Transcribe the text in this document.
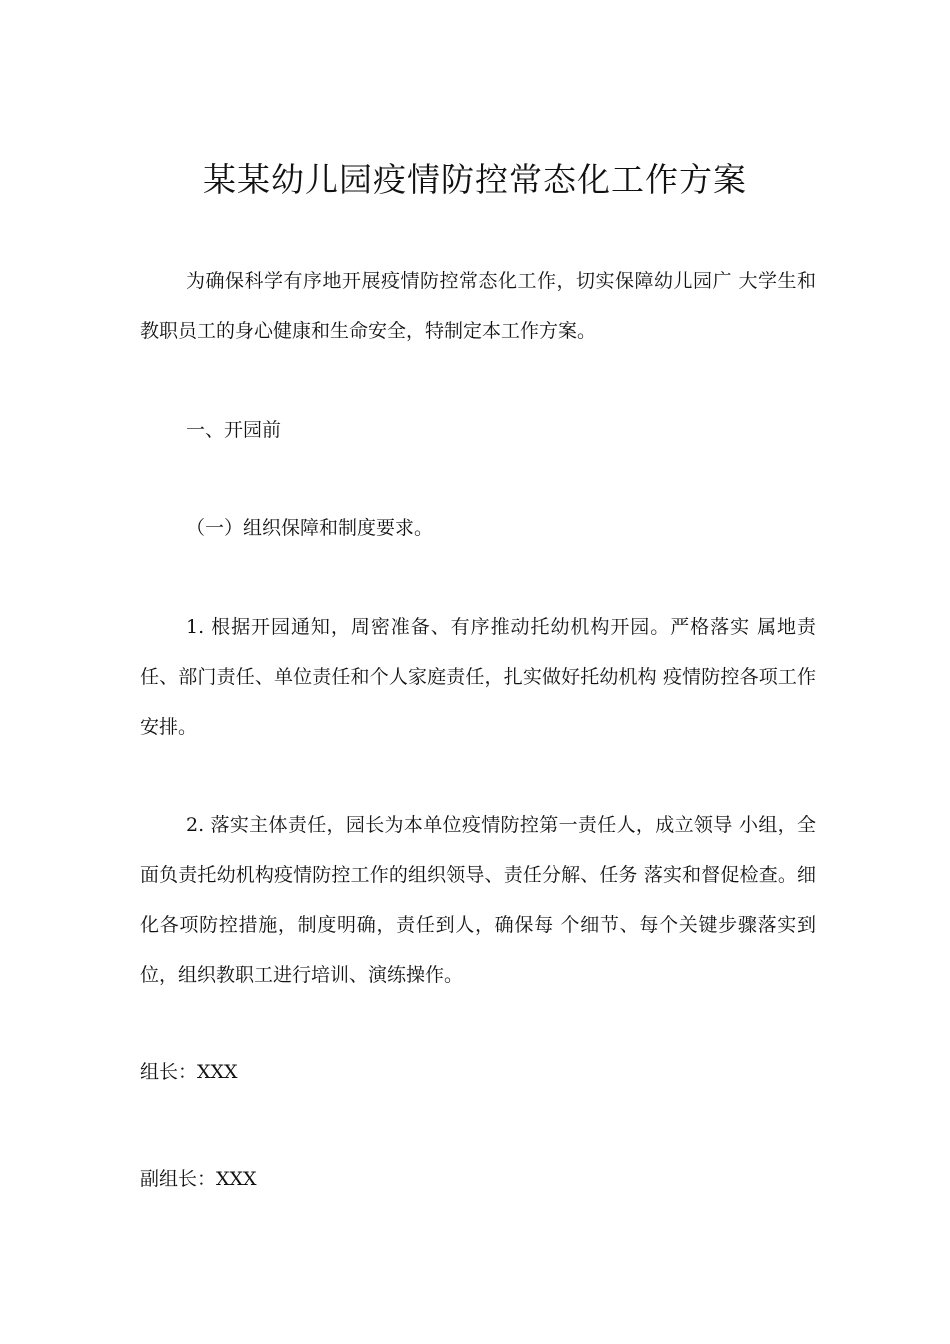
某某幼儿园疫情防控常态化工作方案
为确保科学有序地开展疫情防控常态化工作，切实保障幼儿园广 大学生和教职员工的身心健康和生命安全，特制定本工作方案。
一、开园前
（一）组织保障和制度要求。
1. 根据开园通知，周密准备、有序推动托幼机构开园。严格落实 属地责任、部门责任、单位责任和个人家庭责任，扎实做好托幼机构 疫情防控各项工作安排。
2. 落实主体责任，园长为本单位疫情防控第一责任人，成立领导 小组，全面负责托幼机构疫情防控工作的组织领导、责任分解、任务 落实和督促检查。细化各项防控措施，制度明确，责任到人，确保每 个细节、每个关键步骤落实到位，组织教职工进行培训、演练操作。
组长：XXX
副组长：XXX
